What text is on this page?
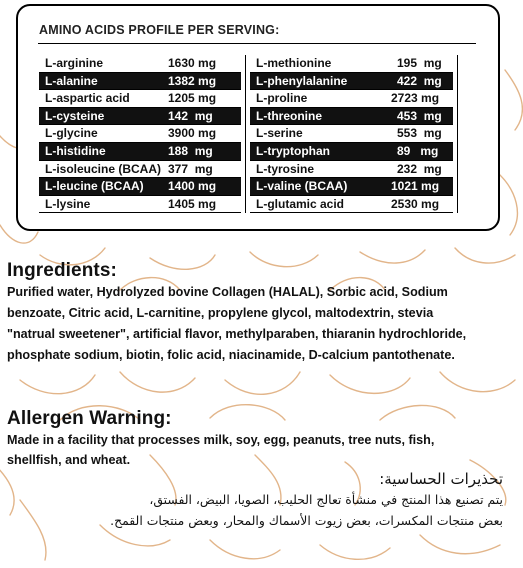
AMINO ACIDS PROFILE PER SERVING:
L-arginine	1630 mg
L-alanine	1382 mg
L-aspartic acid	1205 mg
L-cysteine	142  mg
L-glycine	3900 mg
L-histidine	188  mg
L-isoleucine (BCAA) 377  mg
L-leucine (BCAA) 1400 mg
L-lysine	1405 mg
L-methionine	195  mg
L-phenylalanine	422  mg
L-proline	2723 mg
L-threonine	453  mg
L-serine	553  mg
L-tryptophan	89   mg
L-tyrosine	232  mg
L-valine (BCAA)	1021 mg
L-glutamic acid	2530 mg
Ingredients:
Purified water, Hydrolyzed bovine Collagen (HALAL), Sorbic acid, Sodium
benzoate, Citric acid, L-carnitine, propylene glycol, maltodextrin, stevia
"natrual sweetener", artificial flavor, methylparaben, thiaranin hydrochloride,
phosphate sodium, biotin, folic acid, niacinamide, D-calcium pantothenate.
Allergen Warning:
Made in a facility that processes milk, soy, egg, peanuts, tree nuts, fish,
shellfish, and wheat.
تحذيرات الحساسية:
يتم تصنيع هذا المنتج في منشأة تعالج الحليب، الصويا، البيض، الفستق،
بعض منتجات المكسرات، بعض زيوت الأسماك والمحار، وبعض منتجات القمح.
